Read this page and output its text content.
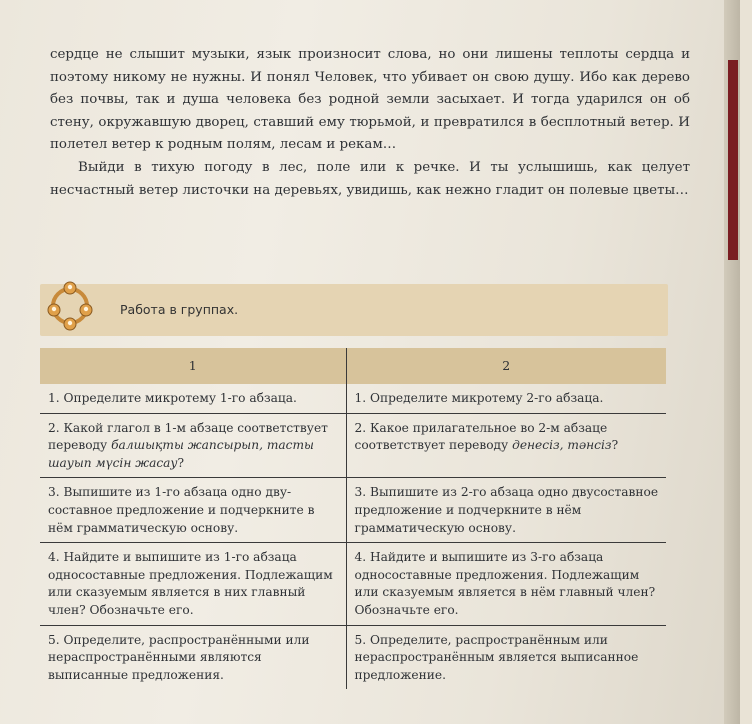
сердце не слышит музыки, язык произносит слова, но они лишены теплоты сердца и поэтому никому не нужны. И понял Человек, что убивает он свою душу. Ибо как дерево без почвы, так и душа человека без родной земли засыхает. И тогда ударился он об стену, окружавшую дворец, ставший ему тюрьмой, и превратился в бесплотный ветер. И полетел ветер к родным полям, лесам и рекам…

Выйди в тихую погоду в лес, поле или к речке. И ты услышишь, как целует несчастный ветер листочки на деревьях, увидишь, как нежно гладит он полевые цветы…

Работа в группах.
1	2
1. Определите микротему 1-го абзаца.	1. Определите микротему 2-го абзаца.
2. Какой глагол в 1-м абзаце соответствует переводу балшықты жапсырып, тасты шауып мүсін жасау?	2. Какое прилагательное во 2-м абзаце соответствует переводу денесіз, тәнсіз?
3. Выпишите из 1-го абзаца одно двусоставное предложение и подчеркните в нём грамматическую основу.	3. Выпишите из 2-го абзаца одно двусоставное предложение и подчеркните в нём грамматическую основу.
4. Найдите и выпишите из 1-го абзаца односоставные предложения. Подлежащим или сказуемым является в них главный член? Обозначьте его.	4. Найдите и выпишите из 3-го абзаца односоставные предложения. Подлежащим или сказуемым является в нём главный член? Обозначьте его.
5. Определите, распространёнными или нераспространёнными являются выписанные предложения.	5. Определите, распространённым или нераспространённым является выписанное предложение.
